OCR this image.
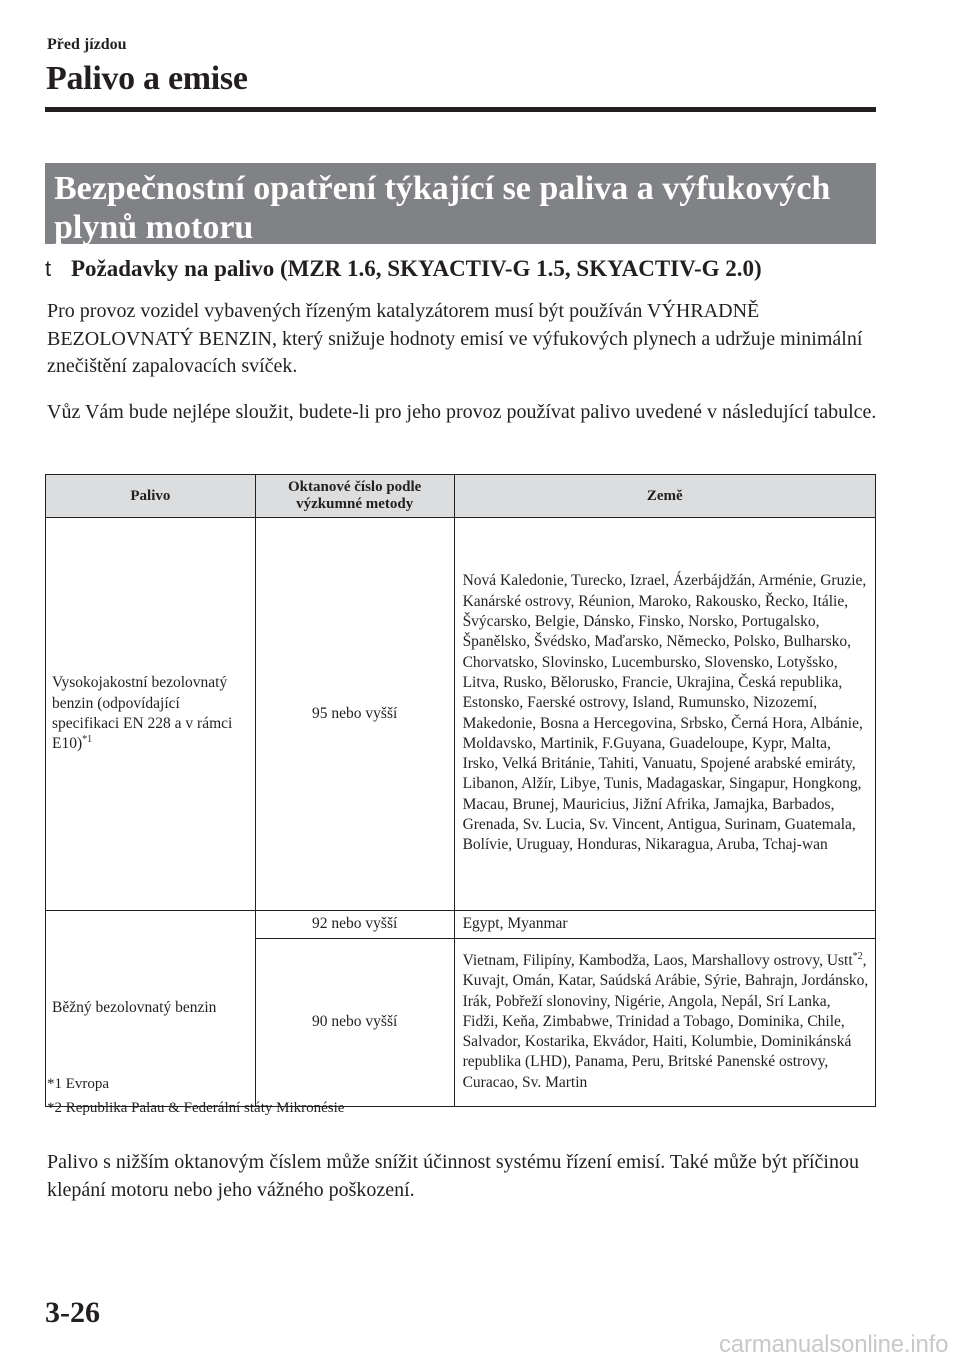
Před jízdou
Palivo a emise
Bezpečnostní opatření týkající se paliva a výfukových plynů motoru
t Požadavky na palivo (MZR 1.6, SKYACTIV-G 1.5, SKYACTIV-G 2.0)
Pro provoz vozidel vybavených řízeným katalyzátorem musí být používán VÝHRADNĚ BEZOLOVNATÝ BENZIN, který snižuje hodnoty emisí ve výfukových plynech a udržuje minimální znečištění zapalovacích svíček.
Vůz Vám bude nejlépe sloužit, budete-li pro jeho provoz používat palivo uvedené v následující tabulce.
Palivo	Oktanové číslo podle výzkumné metody	Země
Vysokojakostní bezolovnatý benzin (odpovídající specifikaci EN 228 a v rámci E10)$^{*1}$	95 nebo vyšší	Nová Kaledonie, Turecko, Izrael, Ázerbájdžán, Arménie, Gruzie, Kanárské ostrovy, Réunion, Maroko, Rakousko, Řecko, Itálie, Švýcarsko, Belgie, Dánsko, Finsko, Norsko, Portugalsko, Španělsko, Švédsko, Maďarsko, Německo, Polsko, Bulharsko, Chorvatsko, Slovinsko, Lucembursko, Slovensko, Lotyšsko, Litva, Rusko, Bělorusko, Francie, Ukrajina, Česká republika, Estonsko, Faerské ostrovy, Island, Rumunsko, Nizozemí, Makedonie, Bosna a Hercegovina, Srbsko, Černá Hora, Albánie, Moldavsko, Martinik, F.Guyana, Guadeloupe, Kypr, Malta, Irsko, Velká Británie, Tahiti, Vanuatu, Spojené arabské emiráty, Libanon, Alžír, Libye, Tunis, Madagaskar, Singapur, Hongkong, Macau, Brunej, Mauricius, Jižní Afrika, Jamajka, Barbados, Grenada, Sv. Lucia, Sv. Vincent, Antigua, Surinam, Guatemala, Bolívie, Uruguay, Honduras, Nikaragua, Aruba, Tchaj-wan
Běžný bezolovnatý benzin	92 nebo vyšší	Egypt, Myanmar
	90 nebo vyšší	Vietnam, Filipíny, Kambodža, Laos, Marshallovy ostrovy, Ustt$^{*2}$, Kuvajt, Omán, Katar, Saúdská Arábie, Sýrie, Bahrajn, Jordánsko, Irák, Pobřeží slonoviny, Nigérie, Angola, Nepál, Srí Lanka, Fidži, Keňa, Zimbabwe, Trinidad a Tobago, Dominika, Chile, Salvador, Kostarika, Ekvádor, Haiti, Kolumbie, Dominikánská republika (LHD), Panama, Peru, Britské Panenské ostrovy, Curacao, Sv. Martin
*1 Evropa
*2 Republika Palau & Federální státy Mikronésie
Palivo s nižším oktanovým číslem může snížit účinnost systému řízení emisí. Také může být příčinou klepání motoru nebo jeho vážného poškození.
3-26
carmanualsonline.info
